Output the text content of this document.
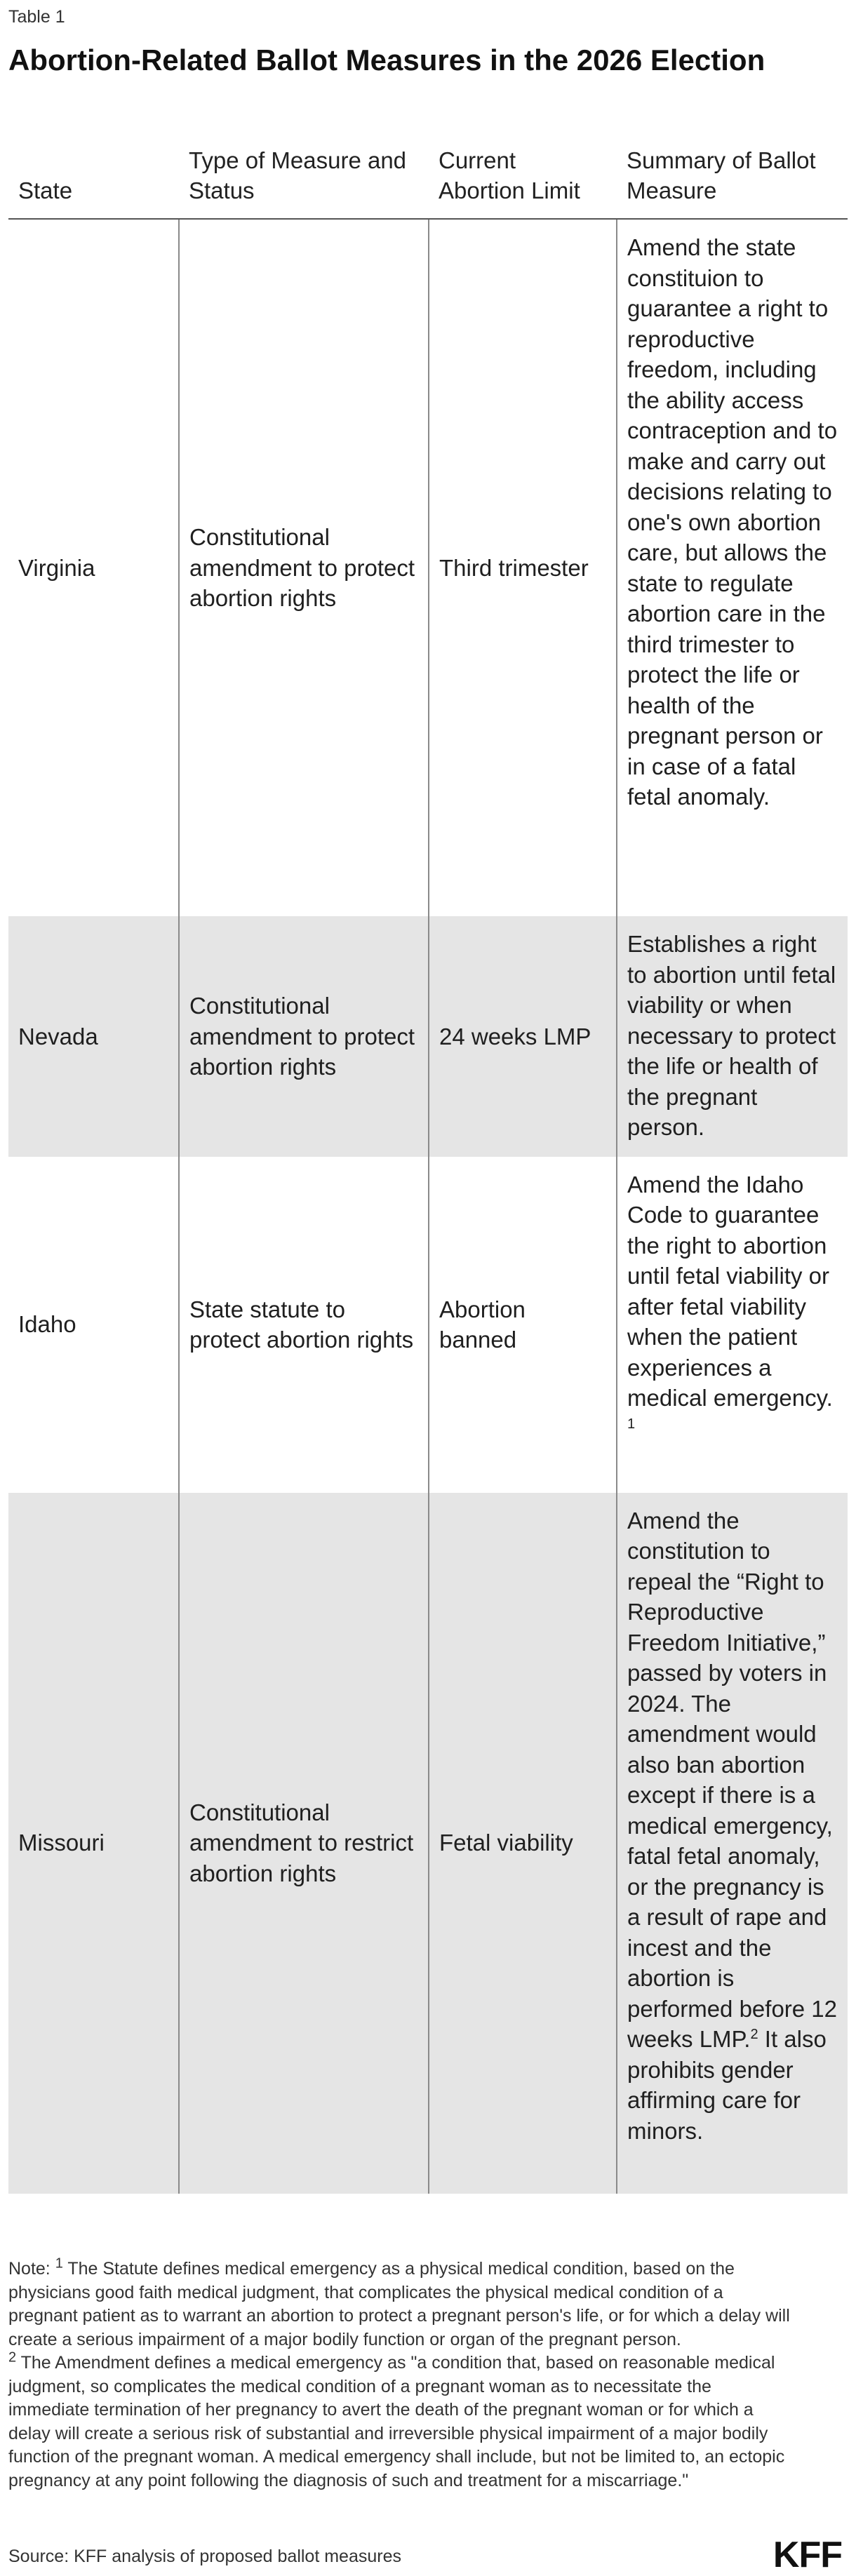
Table 1
Abortion-Related Ballot Measures in the 2026 Election
State	Type of Measure and Status	Current Abortion Limit	Summary of Ballot Measure
Virginia	Constitutional amendment to protect abortion rights	Third trimester	Amend the state constituion to guarantee a right to reproductive freedom, including the ability access contraception and to make and carry out decisions relating to one's own abortion care, but allows the state to regulate abortion care in the third trimester to protect the life or health of the pregnant person or in case of a fatal fetal anomaly.
Nevada	Constitutional amendment to protect abortion rights	24 weeks LMP	Establishes a right to abortion until fetal viability or when necessary to protect the life or health of the pregnant person.
Idaho	State statute to protect abortion rights	Abortion banned	Amend the Idaho Code to guarantee the right to abortion until fetal viability or after fetal viability when the patient experiences a medical emergency. $^1$
Missouri	Constitutional amendment to restrict abortion rights	Fetal viability	Amend the constitution to repeal the “Right to Reproductive Freedom Initiative,” passed by voters in 2024. The amendment would also ban abortion except if there is a medical emergency, fatal fetal anomaly, or the pregnancy is a result of rape and incest and the abortion is performed before 12 weeks LMP.$^2$ It also prohibits gender affirming care for minors.

Note: $^1$ The Statute defines medical emergency as a physical medical condition, based on the physicians good faith medical judgment, that complicates the physical medical condition of a pregnant patient as to warrant an abortion to protect a pregnant person's life, or for which a delay will create a serious impairment of a major bodily function or organ of the pregnant person.

$^2$ The Amendment defines a medical emergency as "a condition that, based on reasonable medical judgment, so complicates the medical condition of a pregnant woman as to necessitate the immediate termination of her pregnancy to avert the death of the pregnant woman or for which a delay will create a serious risk of substantial and irreversible physical impairment of a major bodily function of the pregnant woman. A medical emergency shall include, but not be limited to, an ectopic pregnancy at any point following the diagnosis of such and treatment for a miscarriage."

Source: KFF analysis of proposed ballot measures	KFF
